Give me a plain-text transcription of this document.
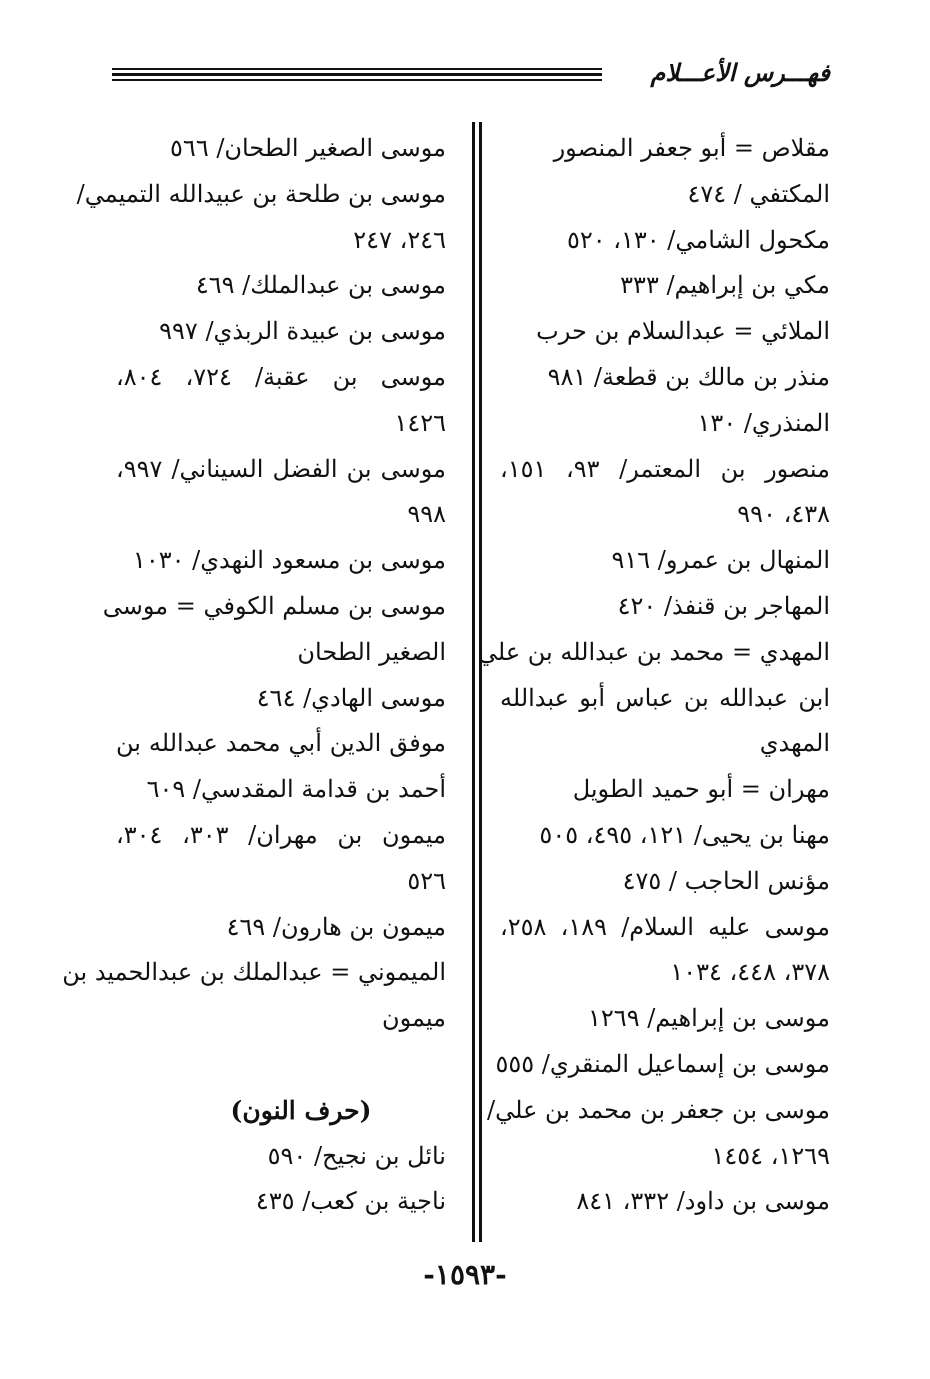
فهـــرس الأعـــلام
مقلاص = أبو جعفر المنصور
المكتفي / ٤٧٤
مكحول الشامي/ ١٣٠، ٥٢٠
مكي بن إبراهيم/ ٣٣٣
الملائي = عبدالسلام بن حرب
منذر بن مالك بن قطعة/ ٩٨١
المنذري/ ١٣٠
منصور بن المعتمر/ ٩٣، ١٥١،
٤٣٨، ٩٩٠
المنهال بن عمرو/ ٩١٦
المهاجر بن قنفذ/ ٤٢٠
المهدي = محمد بن عبدالله بن علي
ابن عبدالله بن عباس أبو عبدالله
المهدي
مهران = أبو حميد الطويل
مهنا بن يحيى/ ١٢١، ٤٩٥، ٥٠٥
مؤنس الحاجب / ٤٧٥
موسى عليه السلام/ ١٨٩، ٢٥٨،
٣٧٨، ٤٤٨، ١٠٣٤
موسى بن إبراهيم/ ١٢٦٩
موسى بن إسماعيل المنقري/ ٥٥٥
موسى بن جعفر بن محمد بن علي/
١٢٦٩، ١٤٥٤
موسى بن داود/ ٣٣٢، ٨٤١
موسى الصغير الطحان/ ٥٦٦
موسى بن طلحة بن عبيدالله التميمي/
٢٤٦، ٢٤٧
موسى بن عبدالملك/ ٤٦٩
موسى بن عبيدة الربذي/ ٩٩٧
موسى بن عقبة/ ٧٢٤، ٨٠٤،
١٤٢٦
موسى بن الفضل السيناني/ ٩٩٧،
٩٩٨
موسى بن مسعود النهدي/ ١٠٣٠
موسى بن مسلم الكوفي = موسى
الصغير الطحان
موسى الهادي/ ٤٦٤
موفق الدين أبي محمد عبدالله بن
أحمد بن قدامة المقدسي/ ٦٠٩
ميمون بن مهران/ ٣٠٣، ٣٠٤،
٥٢٦
ميمون بن هارون/ ٤٦٩
الميموني = عبدالملك بن عبدالحميد بن
ميمون
(حرف النون)
نائل بن نجيح/ ٥٩٠
ناجية بن كعب/ ٤٣٥
-١٥٩٣-
